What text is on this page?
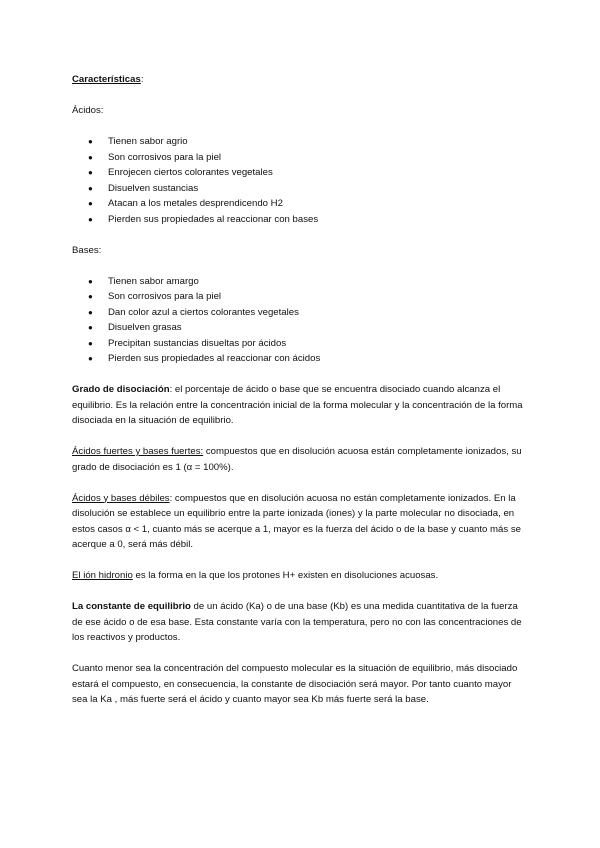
Características:

Ácidos:

● Tienen sabor agrio
● Son corrosivos para la piel
● Enrojecen ciertos colorantes vegetales
● Disuelven sustancias
● Atacan a los metales desprendicendo H2
● Pierden sus propiedades al reaccionar con bases

Bases:

● Tienen sabor amargo
● Son corrosivos para la piel
● Dan color azul a ciertos colorantes vegetales
● Disuelven grasas
● Precipitan sustancias disueltas por ácidos
● Pierden sus propiedades al reaccionar con ácidos

Grado de disociación: el porcentaje de ácido o base que se encuentra disociado cuando alcanza el equilibrio. Es la relación entre la concentración inicial de la forma molecular y la concentración de la forma disociada en la situación de equilibrio.

Ácidos fuertes y bases fuertes: compuestos que en disolución acuosa están completamente ionizados, su grado de disociación es 1 (α = 100%).

Ácidos y bases débiles: compuestos que en disolución acuosa no están completamente ionizados. En la disolución se establece un equilibrio entre la parte ionizada (iones) y la parte molecular no disociada, en estos casos α < 1, cuanto más se acerque a 1, mayor es la fuerza del ácido o de la base y cuanto más se acerque a 0, será más débil.

El ión hidronio es la forma en la que los protones H+ existen en disoluciones acuosas.

La constante de equilibrio de un ácido (Ka) o de una base (Kb) es una medida cuantitativa de la fuerza de ese ácido o de esa base. Esta constante varía con la temperatura, pero no con las concentraciones de los reactivos y productos.

Cuanto menor sea la concentración del compuesto molecular es la situación de equilibrio, más disociado estará el compuesto, en consecuencia, la constante de disociación será mayor. Por tanto cuanto mayor sea la Ka , más fuerte será el ácido y cuanto mayor sea Kb más fuerte será la base.
